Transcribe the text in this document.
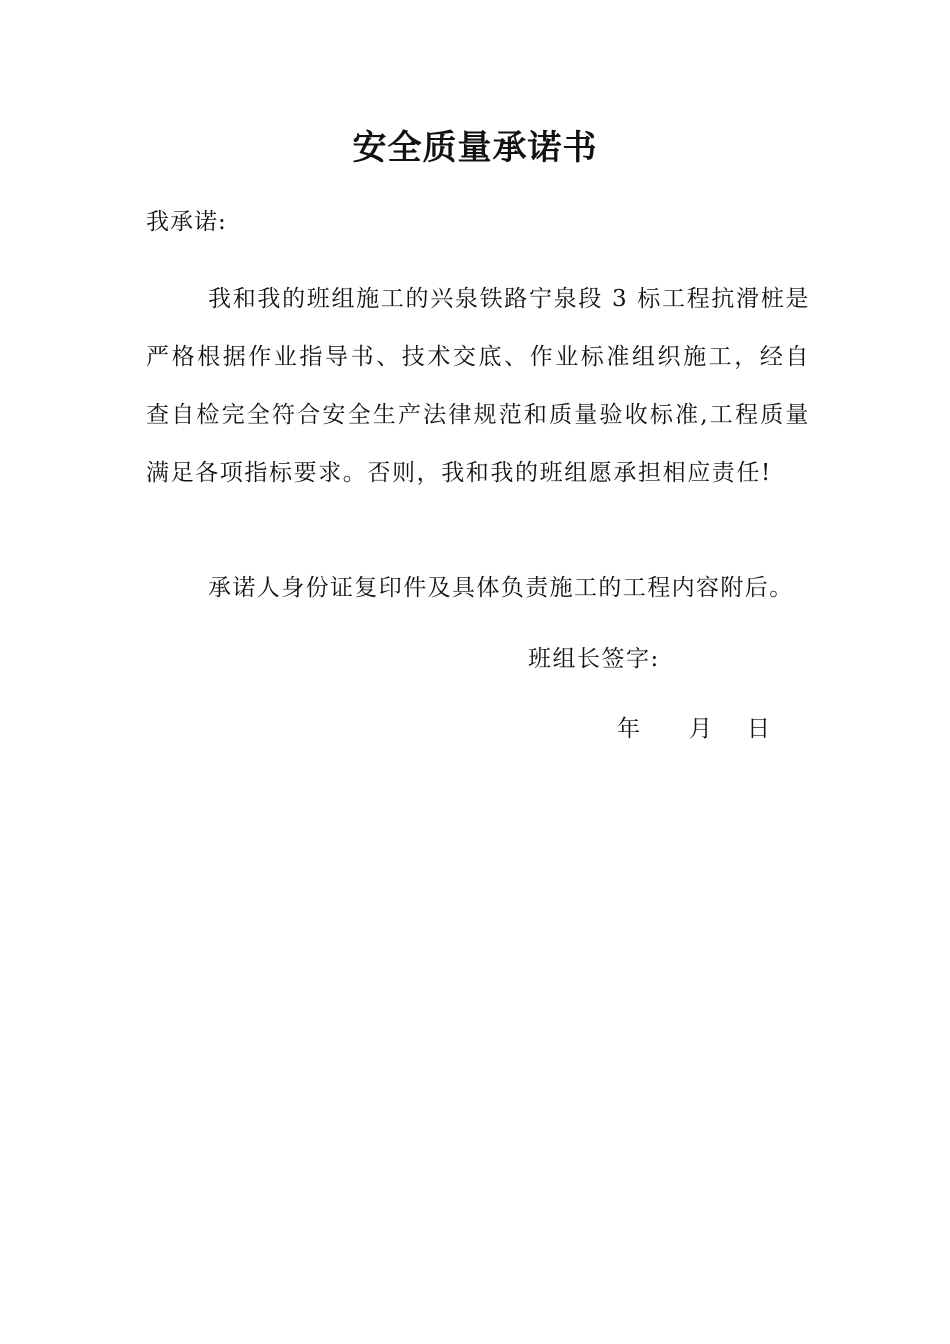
安全质量承诺书
我承诺:

我和我的班组施工的兴泉铁路宁泉段 3 标工程抗滑桩是严格根据作业指导书、技术交底、作业标准组织施工，经自查自检完全符合安全生产法律规范和质量验收标准,工程质量满足各项指标要求。否则，我和我的班组愿承担相应责任!

承诺人身份证复印件及具体负责施工的工程内容附后。

班组长签字:
年	月	日
